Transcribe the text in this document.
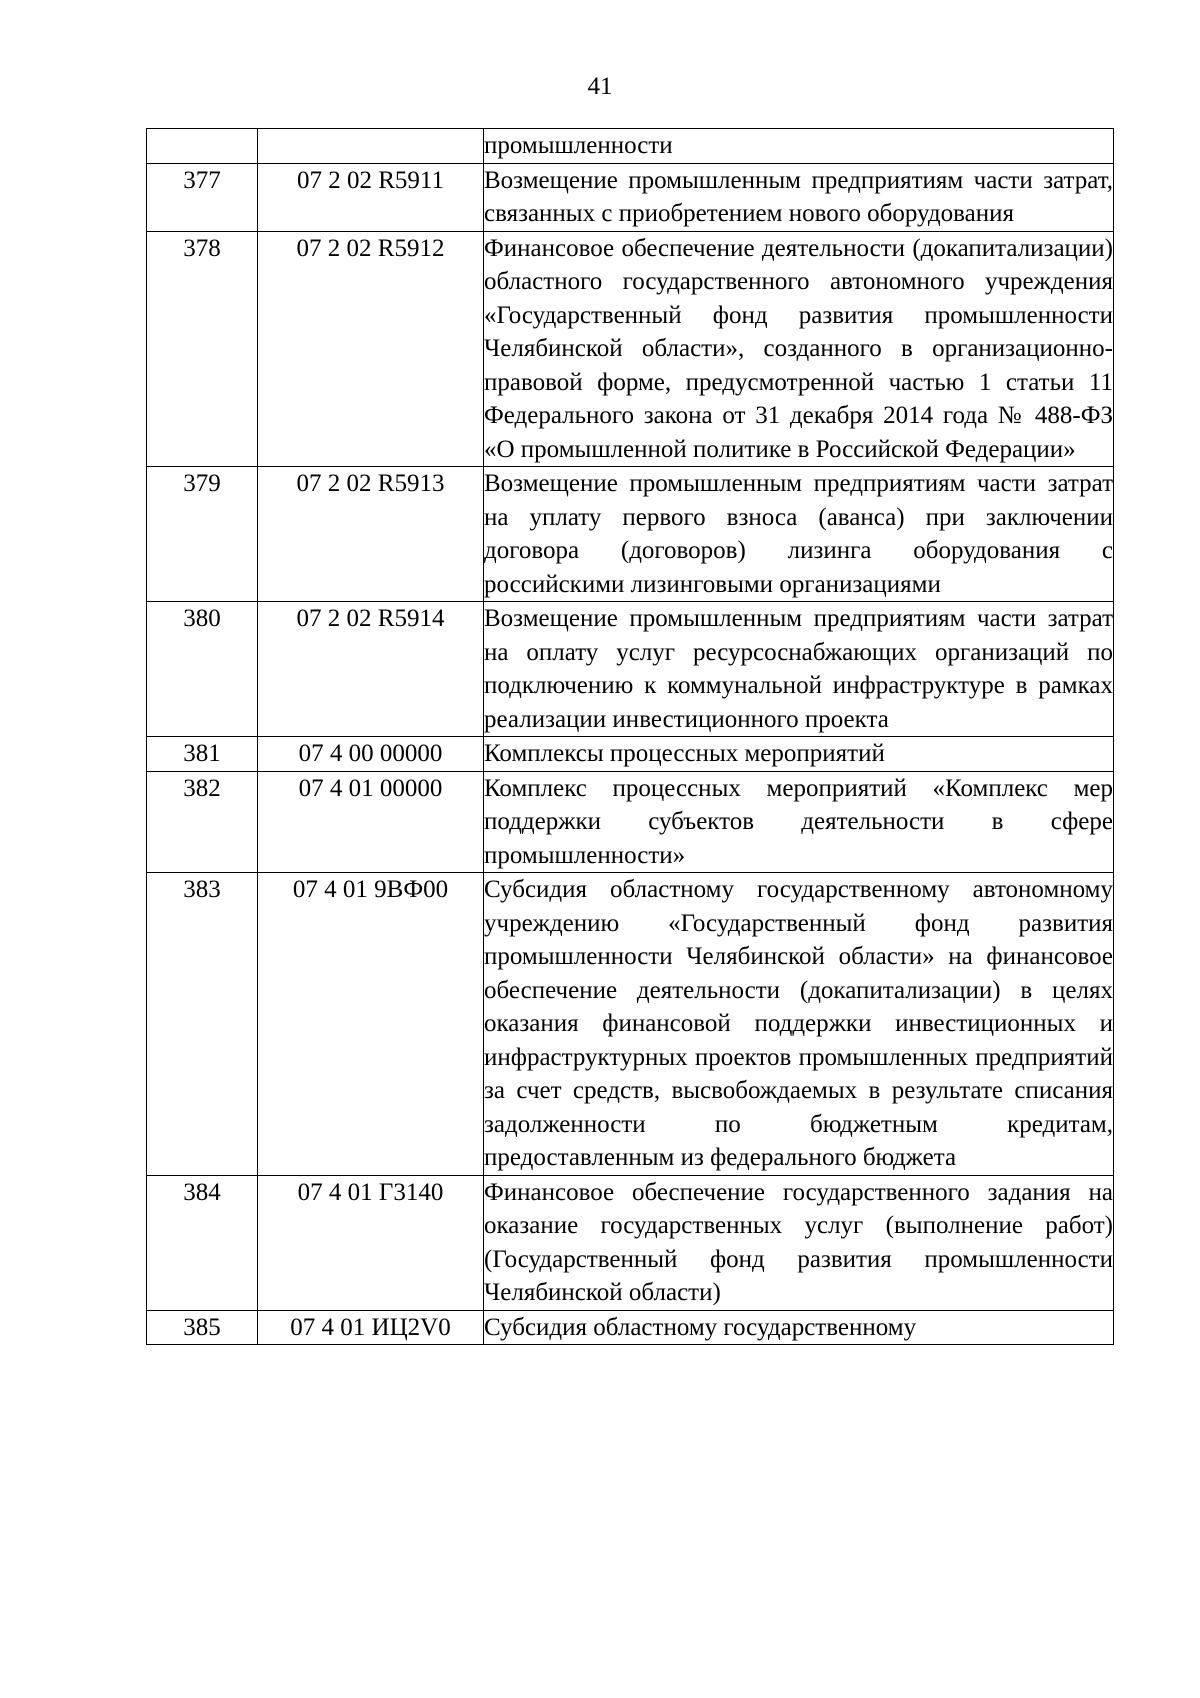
41
		промышленности
377	07 2 02 R5911	Возмещение промышленным предприятиям части затрат, связанных с приобретением нового оборудования
378	07 2 02 R5912	Финансовое обеспечение деятельности (докапитализации) областного государственного автономного учреждения «Государственный фонд развития промышленности Челябинской области», созданного в организационно-правовой форме, предусмотренной частью 1 статьи 11 Федерального закона от 31 декабря 2014 года № 488-ФЗ «О промышленной политике в Российской Федерации»
379	07 2 02 R5913	Возмещение промышленным предприятиям части затрат на уплату первого взноса (аванса) при заключении договора (договоров) лизинга оборудования с российскими лизинговыми организациями
380	07 2 02 R5914	Возмещение промышленным предприятиям части затрат на оплату услуг ресурсоснабжающих организаций по подключению к коммунальной инфраструктуре в рамках реализации инвестиционного проекта
381	07 4 00 00000	Комплексы процессных мероприятий
382	07 4 01 00000	Комплекс процессных мероприятий «Комплекс мер поддержки субъектов деятельности в сфере промышленности»
383	07 4 01 9ВФ00	Субсидия областному государственному автономному учреждению «Государственный фонд развития промышленности Челябинской области» на финансовое обеспечение деятельности (докапитализации) в целях оказания финансовой поддержки инвестиционных и инфраструктурных проектов промышленных предприятий за счет средств, высвобождаемых в результате списания задолженности по бюджетным кредитам, предоставленным из федерального бюджета
384	07 4 01 Г3140	Финансовое обеспечение государственного задания на оказание государственных услуг (выполнение работ) (Государственный фонд развития промышленности Челябинской области)
385	07 4 01 ИЦ2V0	Субсидия областному государственному
